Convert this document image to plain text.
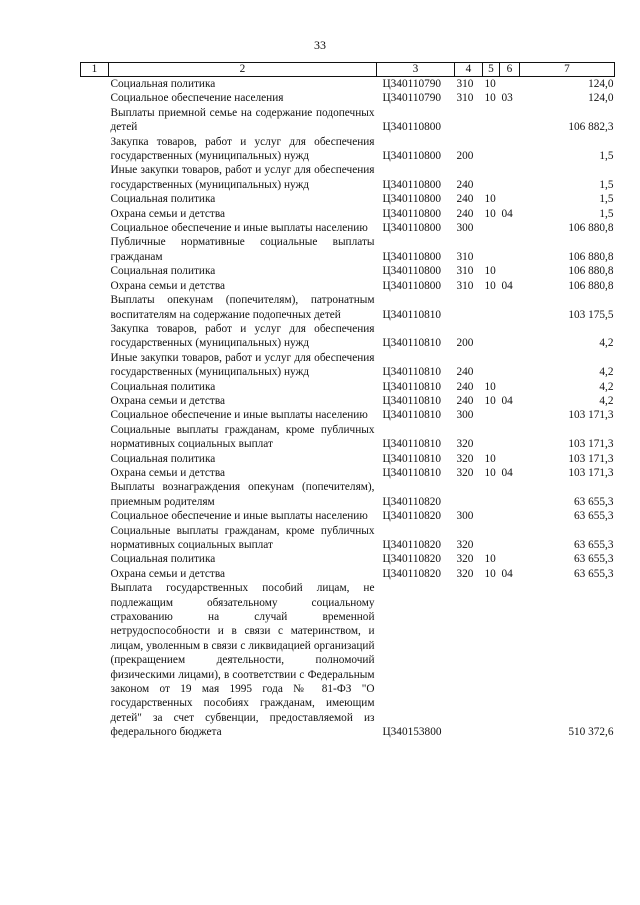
33
1	2	3	4	5	6	7
	Социальная политика	Ц340110790	310	10		124,0
	Социальное обеспечение населения	Ц340110790	310	10	03	124,0
	Выплаты приемной семье на содержание подопечных детей	Ц340110800				106 882,3
	Закупка товаров, работ и услуг для обеспечения государственных (муниципальных) нужд	Ц340110800	200			1,5
	Иные закупки товаров, работ и услуг для обеспечения государственных (муниципальных) нужд	Ц340110800	240			1,5
	Социальная политика	Ц340110800	240	10		1,5
	Охрана семьи и детства	Ц340110800	240	10	04	1,5
	Социальное обеспечение и иные выплаты населению	Ц340110800	300			106 880,8
	Публичные нормативные социальные выплаты гражданам	Ц340110800	310			106 880,8
	Социальная политика	Ц340110800	310	10		106 880,8
	Охрана семьи и детства	Ц340110800	310	10	04	106 880,8
	Выплаты опекунам (попечителям), патронатным воспитателям на содержание подопечных детей	Ц340110810				103 175,5
	Закупка товаров, работ и услуг для обеспечения государственных (муниципальных) нужд	Ц340110810	200			4,2
	Иные закупки товаров, работ и услуг для обеспечения государственных (муниципальных) нужд	Ц340110810	240			4,2
	Социальная политика	Ц340110810	240	10		4,2
	Охрана семьи и детства	Ц340110810	240	10	04	4,2
	Социальное обеспечение и иные выплаты населению	Ц340110810	300			103 171,3
	Социальные выплаты гражданам, кроме публичных нормативных социальных выплат	Ц340110810	320			103 171,3
	Социальная политика	Ц340110810	320	10		103 171,3
	Охрана семьи и детства	Ц340110810	320	10	04	103 171,3
	Выплаты вознаграждения опекунам (попечителям), приемным родителям	Ц340110820				63 655,3
	Социальное обеспечение и иные выплаты населению	Ц340110820	300			63 655,3
	Социальные выплаты гражданам, кроме публичных нормативных социальных выплат	Ц340110820	320			63 655,3
	Социальная политика	Ц340110820	320	10		63 655,3
	Охрана семьи и детства	Ц340110820	320	10	04	63 655,3
	Выплата государственных пособий лицам, не подлежащим обязательному социальному страхованию на случай временной нетрудоспособности и в связи с материнством, и лицам, уволенным в связи с ликвидацией организаций (прекращением деятельности, полномочий физическими лицами), в соответствии с Федеральным законом от 19 мая 1995 года № 81-ФЗ "О государственных пособиях гражданам, имеющим детей" за счет субвенции, предоставляемой из федерального бюджета	Ц340153800				510 372,6
